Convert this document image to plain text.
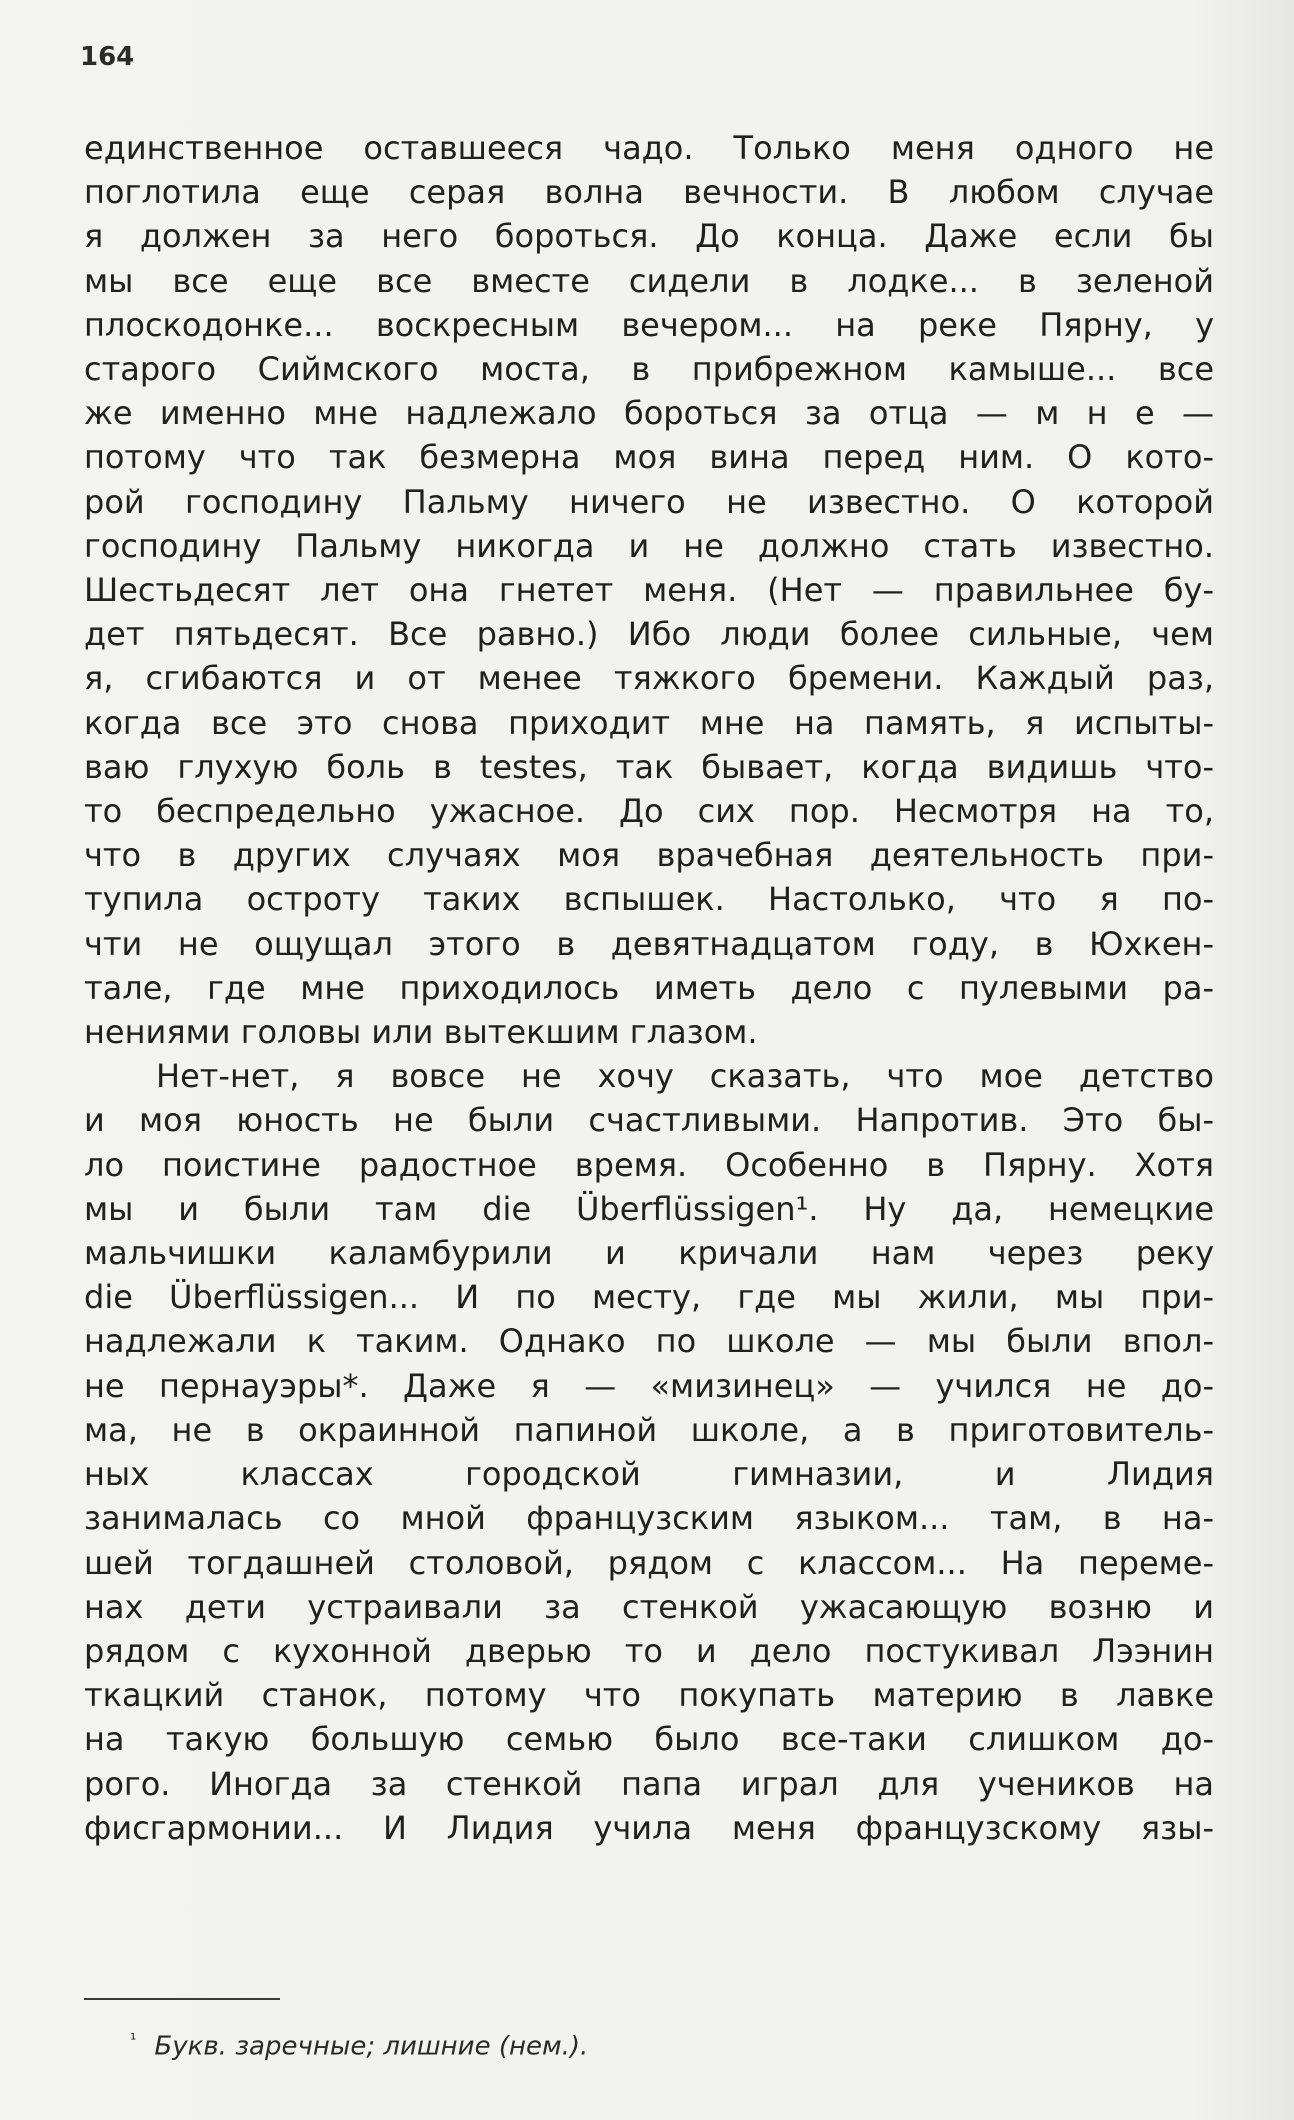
164
единственное оставшееся чадо. Только меня одного не
поглотила еще серая волна вечности. В любом случае
я должен за него бороться. До конца. Даже если бы
мы все еще все вместе сидели в лодке... в зеленой
плоскодонке... воскресным вечером... на реке Пярну, у
старого Сиймского моста, в прибрежном камыше... все
же именно мне надлежало бороться за отца — м н е —
потому что так безмерна моя вина перед ним. О кото-
рой господину Пальму ничего не известно. О которой
господину Пальму никогда и не должно стать известно.
Шестьдесят лет она гнетет меня. (Нет — правильнее бу-
дет пятьдесят. Все равно.) Ибо люди более сильные, чем
я, сгибаются и от менее тяжкого бремени. Каждый раз,
когда все это снова приходит мне на память, я испыты-
ваю глухую боль в testes, так бывает, когда видишь что-
то беспредельно ужасное. До сих пор. Несмотря на то,
что в других случаях моя врачебная деятельность при-
тупила остроту таких вспышек. Настолько, что я по-
чти не ощущал этого в девятнадцатом году, в Юхкен-
тале, где мне приходилось иметь дело с пулевыми ра-
нениями головы или вытекшим глазом.
Нет-нет, я вовсе не хочу сказать, что мое детство
и моя юность не были счастливыми. Напротив. Это бы-
ло поистине радостное время. Особенно в Пярну. Хотя
мы и были там die Überflüssigen¹. Ну да, немецкие
мальчишки каламбурили и кричали нам через реку
die Überflüssigen... И по месту, где мы жили, мы при-
надлежали к таким. Однако по школе — мы были впол-
не пернауэры*. Даже я — «мизинец» — учился не до-
ма, не в окраинной папиной школе, а в приготовитель-
ных классах городской гимназии, и Лидия
занималась со мной французским языком... там, в на-
шей тогдашней столовой, рядом с классом... На переме-
нах дети устраивали за стенкой ужасающую возню и
рядом с кухонной дверью то и дело постукивал Лээнин
ткацкий станок, потому что покупать материю в лавке
на такую большую семью было все-таки слишком до-
рого. Иногда за стенкой папа играл для учеников на
фисгармонии... И Лидия учила меня французскому язы-
$^{^1}$ Букв. заречные; лишние (нем.).
